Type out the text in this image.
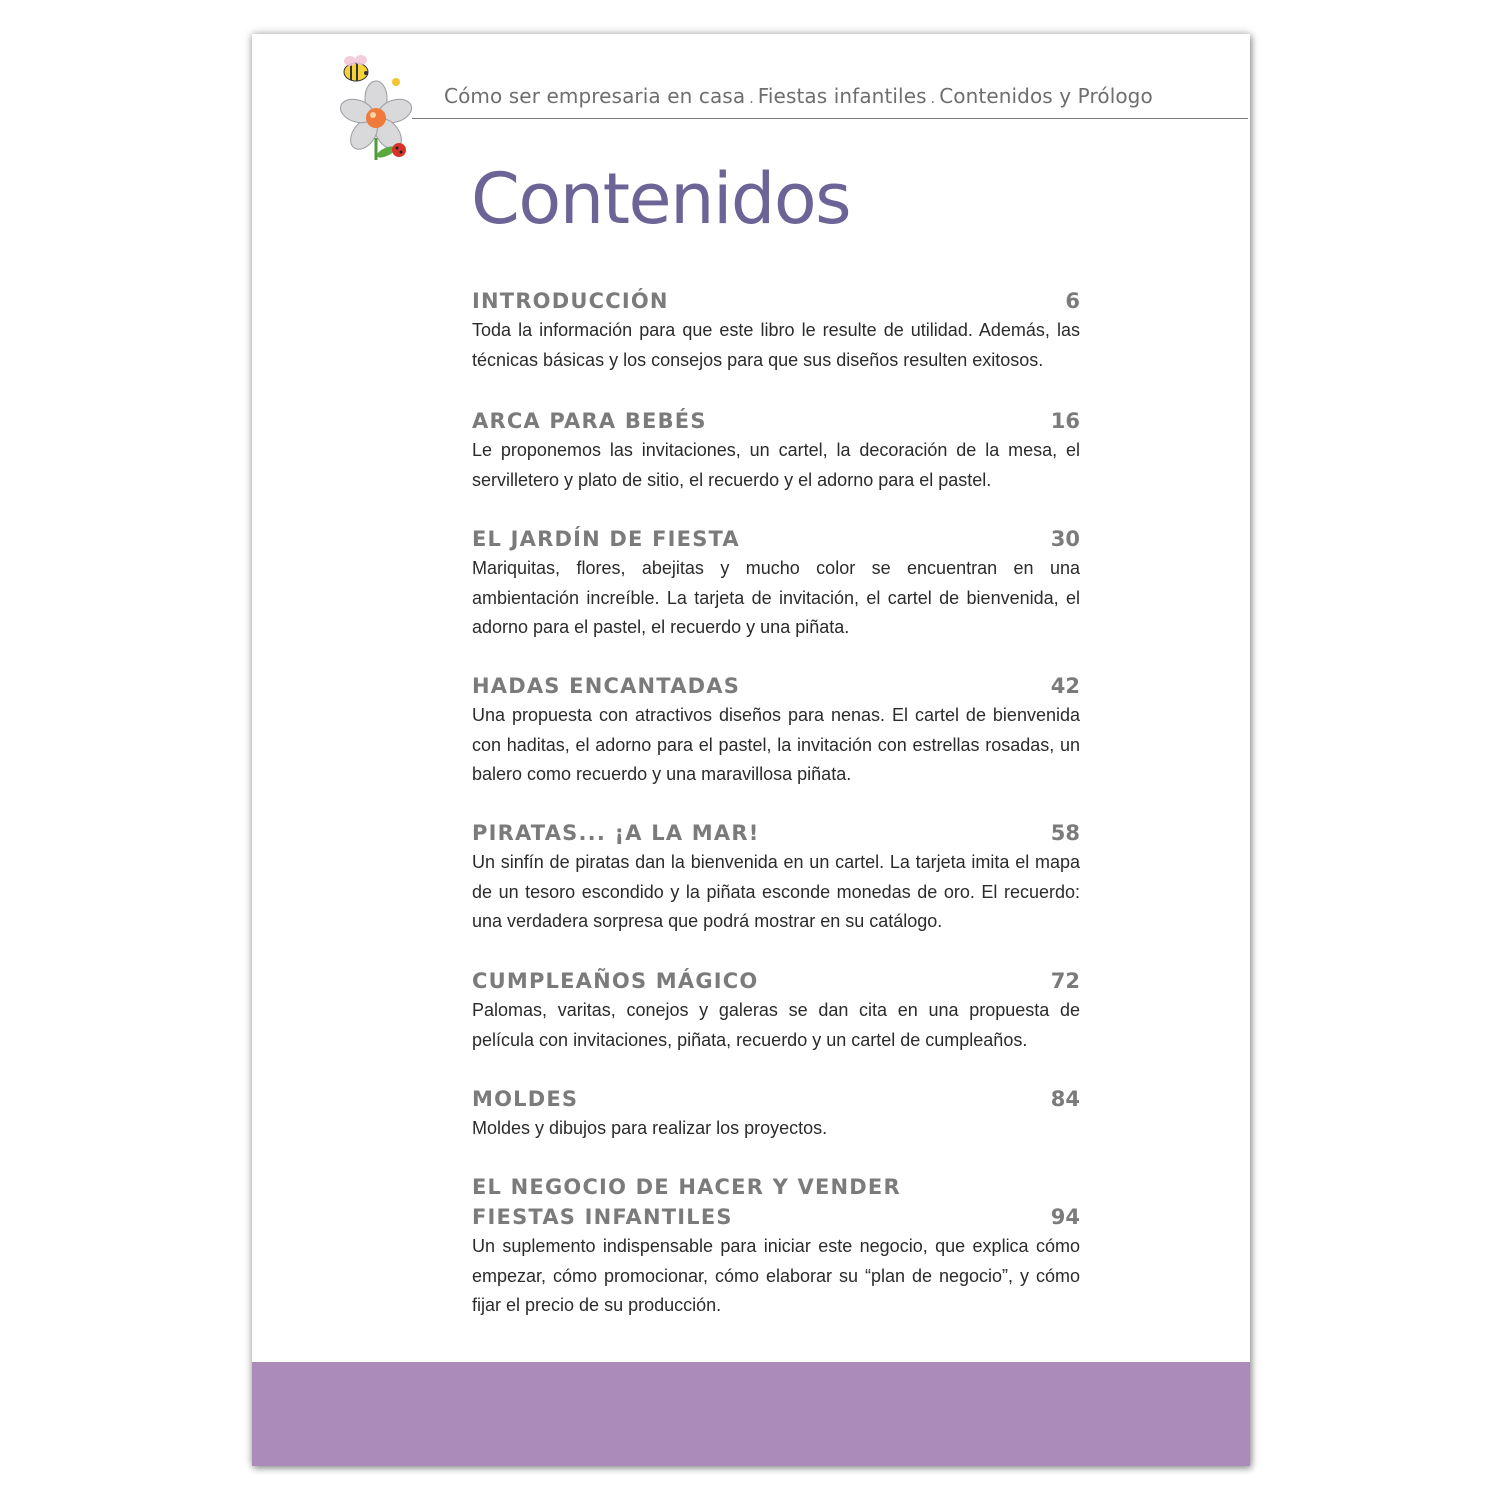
Cómo ser empresaria en casa . Fiestas infantiles . Contenidos y Prólogo
Contenidos
INTRODUCCIÓN	6

Toda la información para que este libro le resulte de utilidad. Además, las técnicas básicas y los consejos para que sus diseños resulten exitosos.

ARCA PARA BEBÉS	16

Le proponemos las invitaciones, un cartel, la decoración de la mesa, el servilletero y plato de sitio, el recuerdo y el adorno para el pastel.

EL JARDÍN DE FIESTA	30

Mariquitas, flores, abejitas y mucho color se encuentran en una ambientación increíble. La tarjeta de invitación, el cartel de bienvenida, el adorno para el pastel, el recuerdo y una piñata.

HADAS ENCANTADAS	42

Una propuesta con atractivos diseños para nenas. El cartel de bienvenida con haditas, el adorno para el pastel, la invitación con estrellas rosadas, un balero como recuerdo y una maravillosa piñata.

PIRATAS... ¡A LA MAR!	58

Un sinfín de piratas dan la bienvenida en un cartel. La tarjeta imita el mapa de un tesoro escondido y la piñata esconde monedas de oro. El recuerdo: una verdadera sorpresa que podrá mostrar en su catálogo.

CUMPLEAÑOS MÁGICO	72

Palomas, varitas, conejos y galeras se dan cita en una propuesta de película con invitaciones, piñata, recuerdo y un cartel de cumpleaños.

MOLDES	84

Moldes y dibujos para realizar los proyectos.

EL NEGOCIO DE HACER Y VENDER
FIESTAS INFANTILES	94

Un suplemento indispensable para iniciar este negocio, que explica cómo empezar, cómo promocionar, cómo elaborar su “plan de negocio”, y cómo fijar el precio de su producción.
